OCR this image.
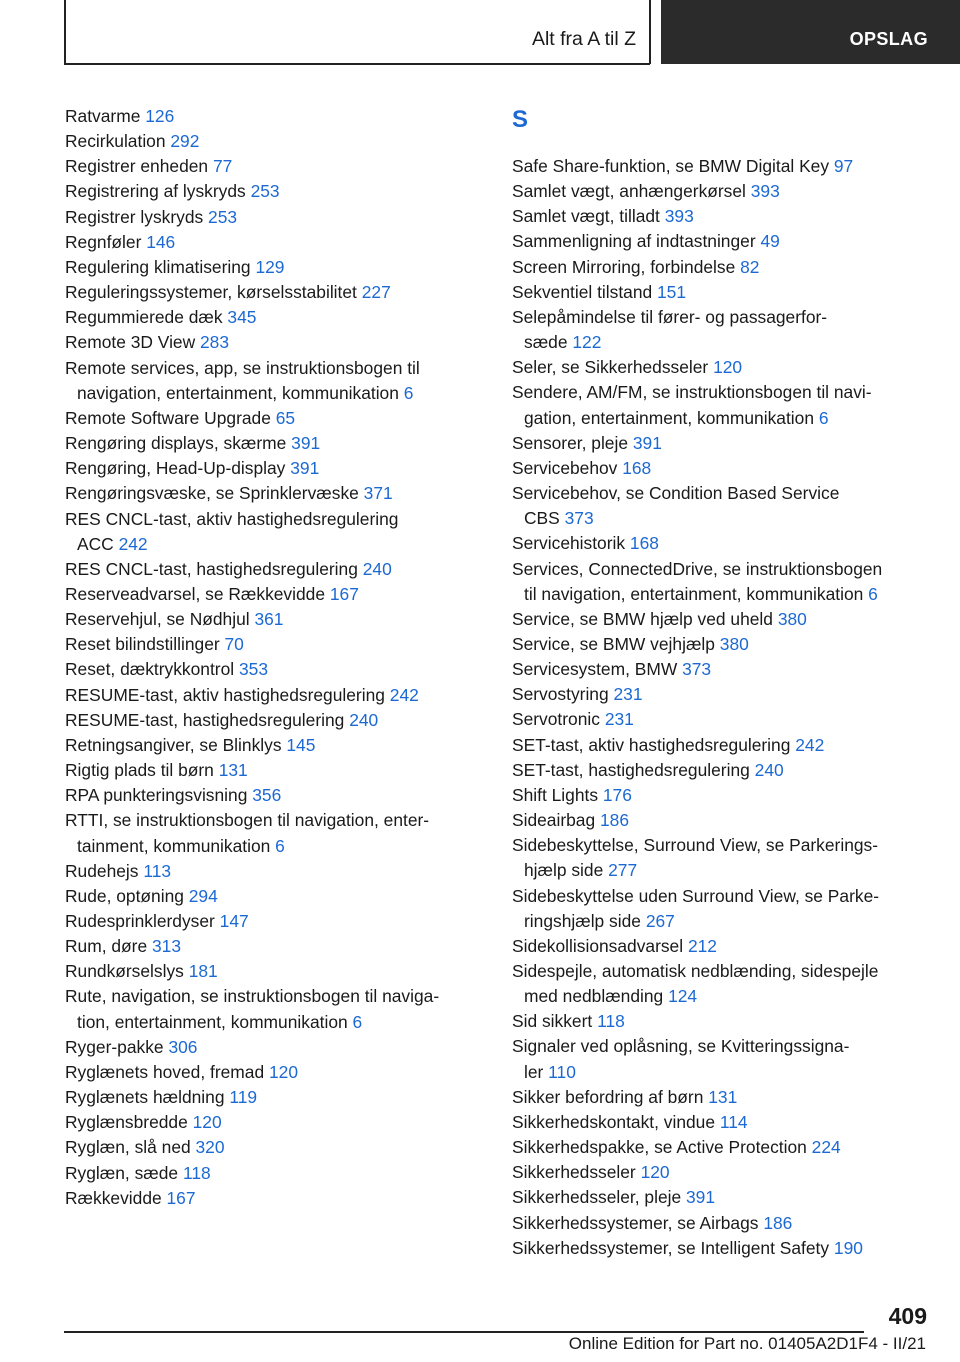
Alt fra A til Z	OPSLAG
Ratvarme 126
Recirkulation 292
Registrer enheden 77
Registrering af lyskryds 253
Registrer lyskryds 253
Regnføler 146
Regulering klimatisering 129
Reguleringssystemer, kørselsstabilitet 227
Regummierede dæk 345
Remote 3D View 283
Remote services, app, se instruktionsbogen til
navigation, entertainment, kommunikation 6
Remote Software Upgrade 65
Rengøring displays, skærme 391
Rengøring, Head-Up-display 391
Rengøringsvæske, se Sprinklervæske 371
RES CNCL-tast, aktiv hastighedsregulering
ACC 242
RES CNCL-tast, hastighedsregulering 240
Reserveadvarsel, se Rækkevidde 167
Reservehjul, se Nødhjul 361
Reset bilindstillinger 70
Reset, dæktrykkontrol 353
RESUME-tast, aktiv hastighedsregulering 242
RESUME-tast, hastighedsregulering 240
Retningsangiver, se Blinklys 145
Rigtig plads til børn 131
RPA punkteringsvisning 356
RTTI, se instruktionsbogen til navigation, enter-
tainment, kommunikation 6
Rudehejs 113
Rude, optøning 294
Rudesprinklerdyser 147
Rum, døre 313
Rundkørselslys 181
Rute, navigation, se instruktionsbogen til naviga-
tion, entertainment, kommunikation 6
Ryger-pakke 306
Ryglænets hoved, fremad 120
Ryglænets hældning 119
Ryglænsbredde 120
Ryglæn, slå ned 320
Ryglæn, sæde 118
Rækkevidde 167
S
Safe Share-funktion, se BMW Digital Key 97
Samlet vægt, anhængerkørsel 393
Samlet vægt, tilladt 393
Sammenligning af indtastninger 49
Screen Mirroring, forbindelse 82
Sekventiel tilstand 151
Selepåmindelse til fører- og passagerfor-
sæde 122
Seler, se Sikkerhedsseler 120
Sendere, AM/FM, se instruktionsbogen til navi-
gation, entertainment, kommunikation 6
Sensorer, pleje 391
Servicebehov 168
Servicebehov, se Condition Based Service
CBS 373
Servicehistorik 168
Services, ConnectedDrive, se instruktionsbogen
til navigation, entertainment, kommunikation 6
Service, se BMW hjælp ved uheld 380
Service, se BMW vejhjælp 380
Servicesystem, BMW 373
Servostyring 231
Servotronic 231
SET-tast, aktiv hastighedsregulering 242
SET-tast, hastighedsregulering 240
Shift Lights 176
Sideairbag 186
Sidebeskyttelse, Surround View, se Parkerings-
hjælp side 277
Sidebeskyttelse uden Surround View, se Parke-
ringshjælp side 267
Sidekollisionsadvarsel 212
Sidespejle, automatisk nedblænding, sidespejle
med nedblænding 124
Sid sikkert 118
Signaler ved oplåsning, se Kvitteringssigna-
ler 110
Sikker befordring af børn 131
Sikkerhedskontakt, vindue 114
Sikkerhedspakke, se Active Protection 224
Sikkerhedsseler 120
Sikkerhedsseler, pleje 391
Sikkerhedssystemer, se Airbags 186
Sikkerhedssystemer, se Intelligent Safety 190
409
Online Edition for Part no. 01405A2D1F4 - II/21
